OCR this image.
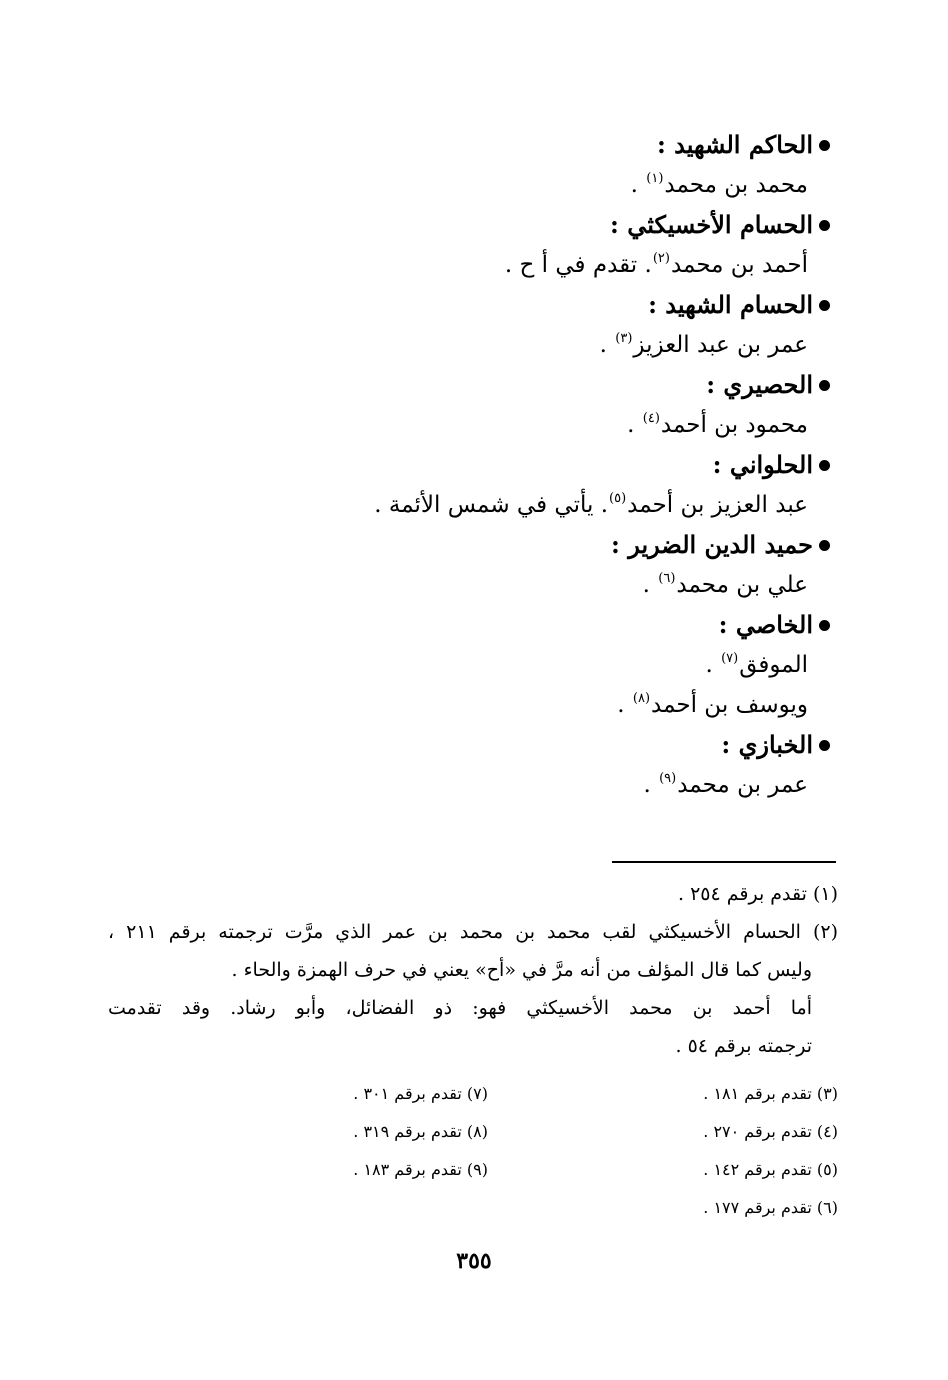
الحاكم الشهيد :
محمد بن محمد$^{(١)}$ .
الحسام الأخسيكثي :
أحمد بن محمد$^{(٢)}$. تقدم في أ ح .
الحسام الشهيد :
عمر بن عبد العزيز$^{(٣)}$ .
الحصيري :
محمود بن أحمد$^{(٤)}$ .
الحلواني :
عبد العزيز بن أحمد$^{(٥)}$. يأتي في شمس الأئمة .
حميد الدين الضرير :
علي بن محمد$^{(٦)}$ .
الخاصي :
الموفق$^{(٧)}$ .
ويوسف بن أحمد$^{(٨)}$ .
الخبازي :
عمر بن محمد$^{(٩)}$ .
(١) تقدم برقم ٢٥٤ .
(٢) الحسام الأخسيكثي لقب محمد بن محمد بن عمر الذي مرَّت ترجمته برقم ٢١١ ،
وليس كما قال المؤلف من أنه مرَّ في «أح» يعني في حرف الهمزة والحاء .
أما أحمد بن محمد الأخسيكثي فهو: ذو الفضائل، وأبو رشاد. وقد تقدمت
ترجمته برقم ٥٤ .
(٣) تقدم برقم ١٨١ .
(٤) تقدم برقم ٢٧٠ .
(٥) تقدم برقم ١٤٢ .
(٦) تقدم برقم ١٧٧ .
(٧) تقدم برقم ٣٠١ .
(٨) تقدم برقم ٣١٩ .
(٩) تقدم برقم ١٨٣ .
٣٥٥
